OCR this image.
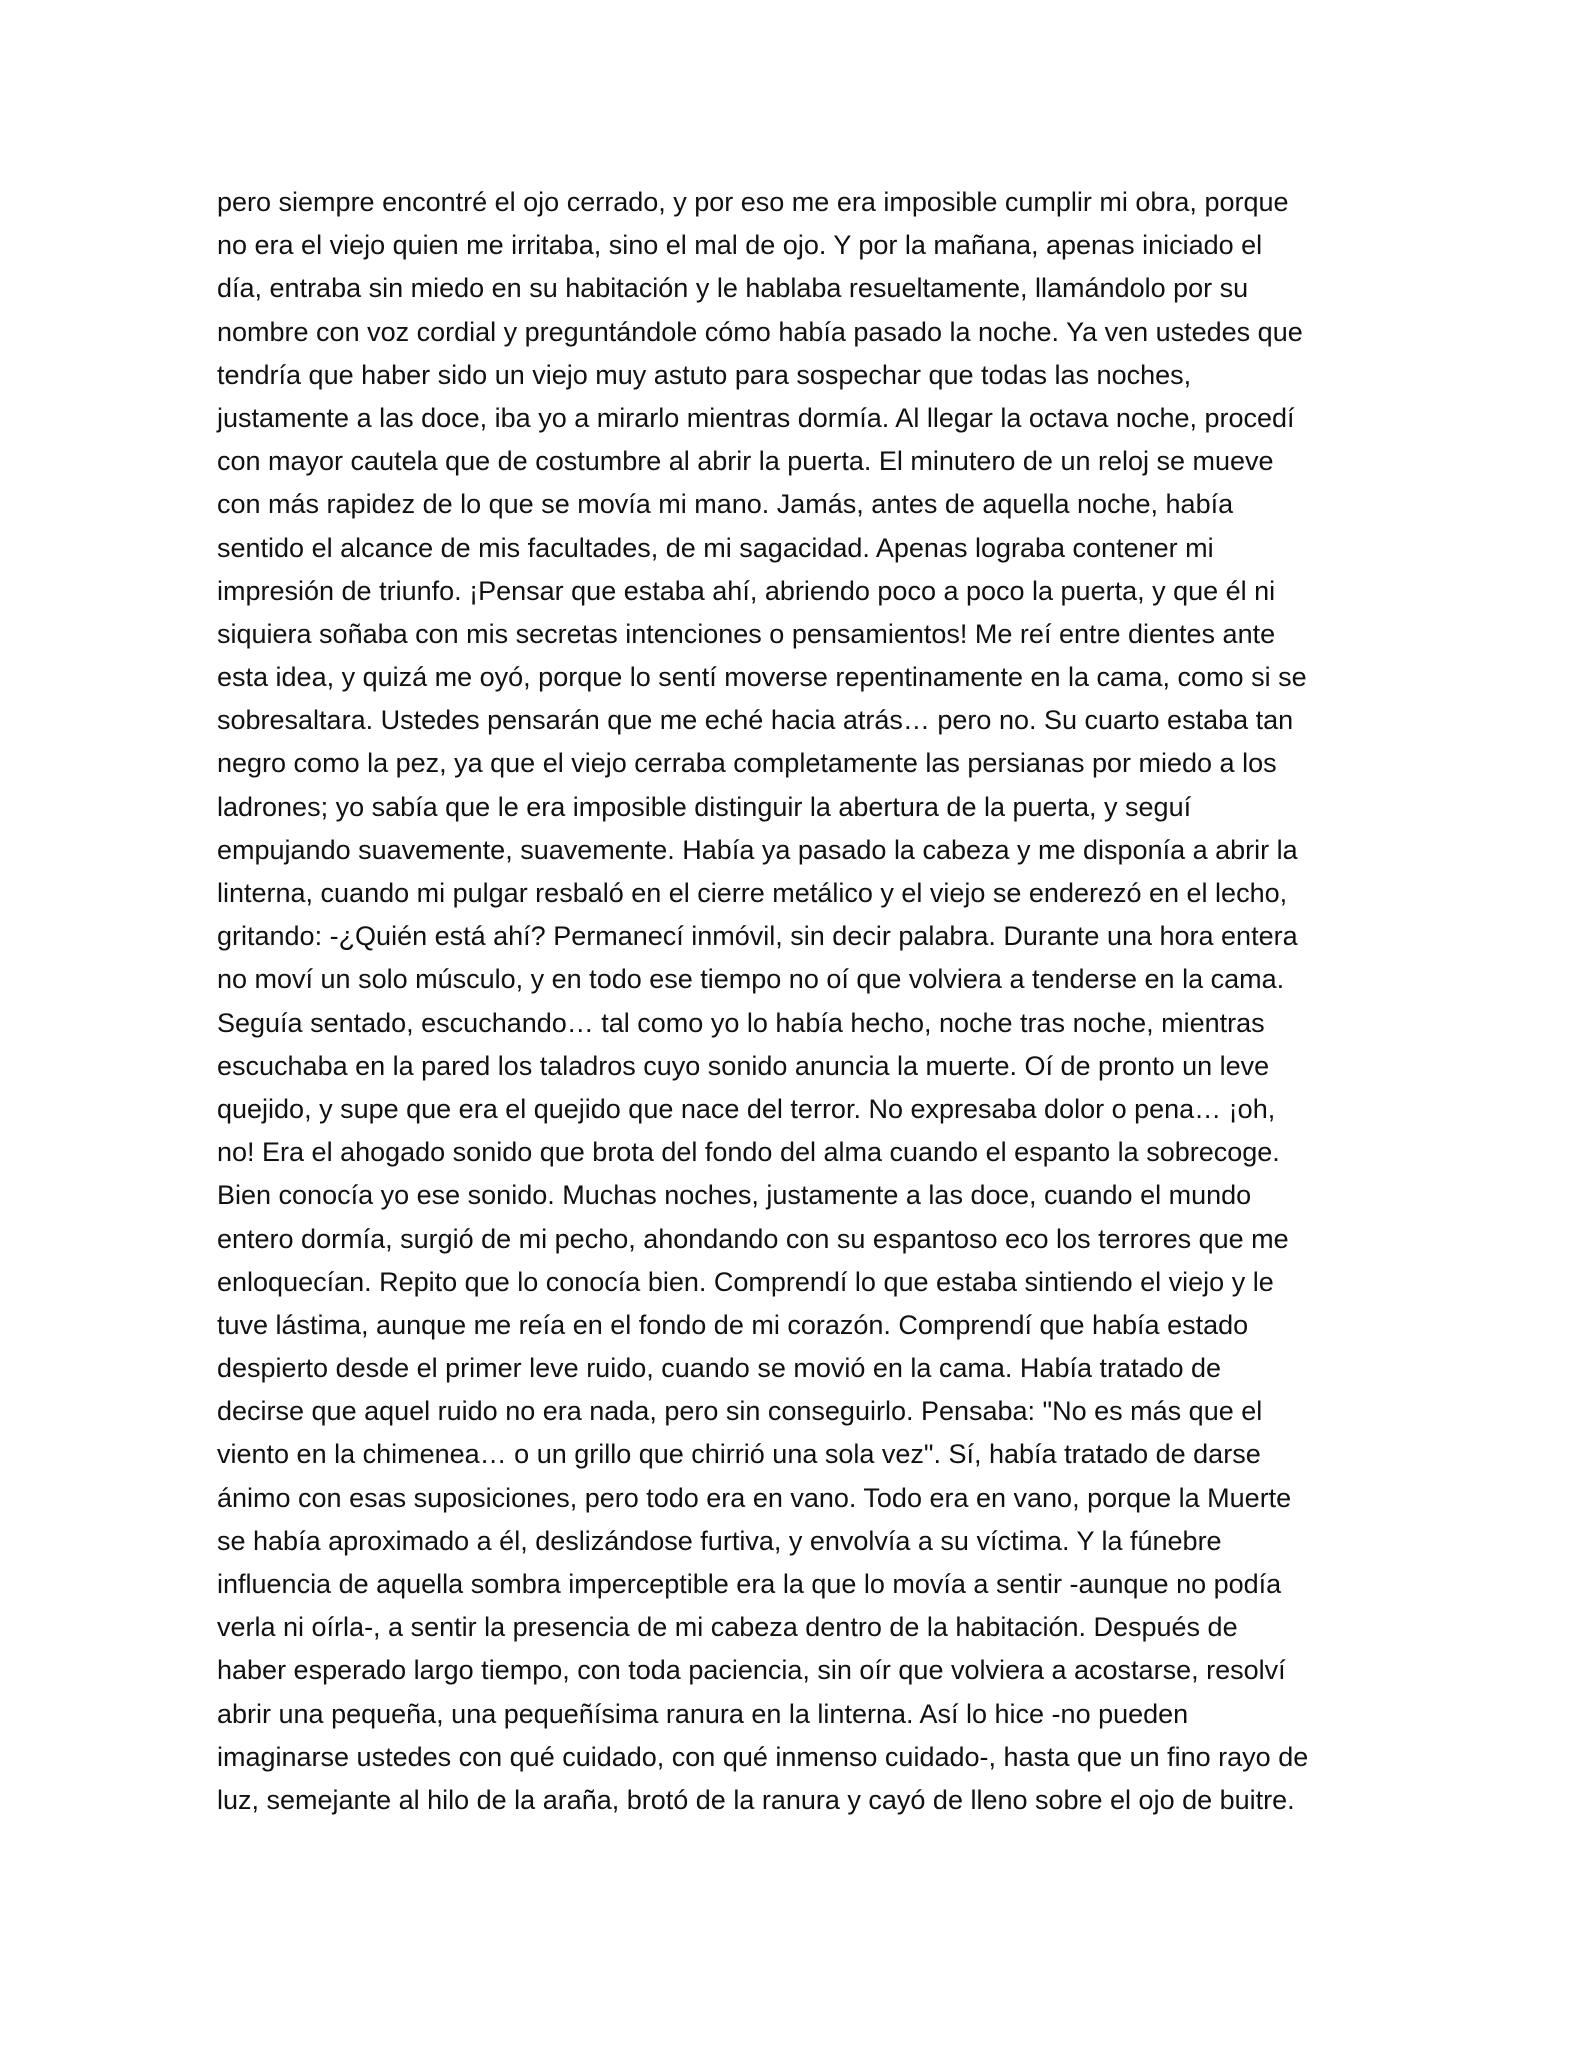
pero siempre encontré el ojo cerrado, y por eso me era imposible cumplir mi obra, porque
no era el viejo quien me irritaba, sino el mal de ojo. Y por la mañana, apenas iniciado el
día, entraba sin miedo en su habitación y le hablaba resueltamente, llamándolo por su
nombre con voz cordial y preguntándole cómo había pasado la noche. Ya ven ustedes que
tendría que haber sido un viejo muy astuto para sospechar que todas las noches,
justamente a las doce, iba yo a mirarlo mientras dormía. Al llegar la octava noche, procedí
con mayor cautela que de costumbre al abrir la puerta. El minutero de un reloj se mueve
con más rapidez de lo que se movía mi mano. Jamás, antes de aquella noche, había
sentido el alcance de mis facultades, de mi sagacidad. Apenas lograba contener mi
impresión de triunfo. ¡Pensar que estaba ahí, abriendo poco a poco la puerta, y que él ni
siquiera soñaba con mis secretas intenciones o pensamientos! Me reí entre dientes ante
esta idea, y quizá me oyó, porque lo sentí moverse repentinamente en la cama, como si se
sobresaltara. Ustedes pensarán que me eché hacia atrás… pero no. Su cuarto estaba tan
negro como la pez, ya que el viejo cerraba completamente las persianas por miedo a los
ladrones; yo sabía que le era imposible distinguir la abertura de la puerta, y seguí
empujando suavemente, suavemente. Había ya pasado la cabeza y me disponía a abrir la
linterna, cuando mi pulgar resbaló en el cierre metálico y el viejo se enderezó en el lecho,
gritando: -¿Quién está ahí? Permanecí inmóvil, sin decir palabra. Durante una hora entera
no moví un solo músculo, y en todo ese tiempo no oí que volviera a tenderse en la cama.
Seguía sentado, escuchando… tal como yo lo había hecho, noche tras noche, mientras
escuchaba en la pared los taladros cuyo sonido anuncia la muerte. Oí de pronto un leve
quejido, y supe que era el quejido que nace del terror. No expresaba dolor o pena… ¡oh,
no! Era el ahogado sonido que brota del fondo del alma cuando el espanto la sobrecoge.
Bien conocía yo ese sonido. Muchas noches, justamente a las doce, cuando el mundo
entero dormía, surgió de mi pecho, ahondando con su espantoso eco los terrores que me
enloquecían. Repito que lo conocía bien. Comprendí lo que estaba sintiendo el viejo y le
tuve lástima, aunque me reía en el fondo de mi corazón. Comprendí que había estado
despierto desde el primer leve ruido, cuando se movió en la cama. Había tratado de
decirse que aquel ruido no era nada, pero sin conseguirlo. Pensaba: "No es más que el
viento en la chimenea… o un grillo que chirrió una sola vez". Sí, había tratado de darse
ánimo con esas suposiciones, pero todo era en vano. Todo era en vano, porque la Muerte
se había aproximado a él, deslizándose furtiva, y envolvía a su víctima. Y la fúnebre
influencia de aquella sombra imperceptible era la que lo movía a sentir -aunque no podía
verla ni oírla-, a sentir la presencia de mi cabeza dentro de la habitación. Después de
haber esperado largo tiempo, con toda paciencia, sin oír que volviera a acostarse, resolví
abrir una pequeña, una pequeñísima ranura en la linterna. Así lo hice -no pueden
imaginarse ustedes con qué cuidado, con qué inmenso cuidado-, hasta que un fino rayo de
luz, semejante al hilo de la araña, brotó de la ranura y cayó de lleno sobre el ojo de buitre.
